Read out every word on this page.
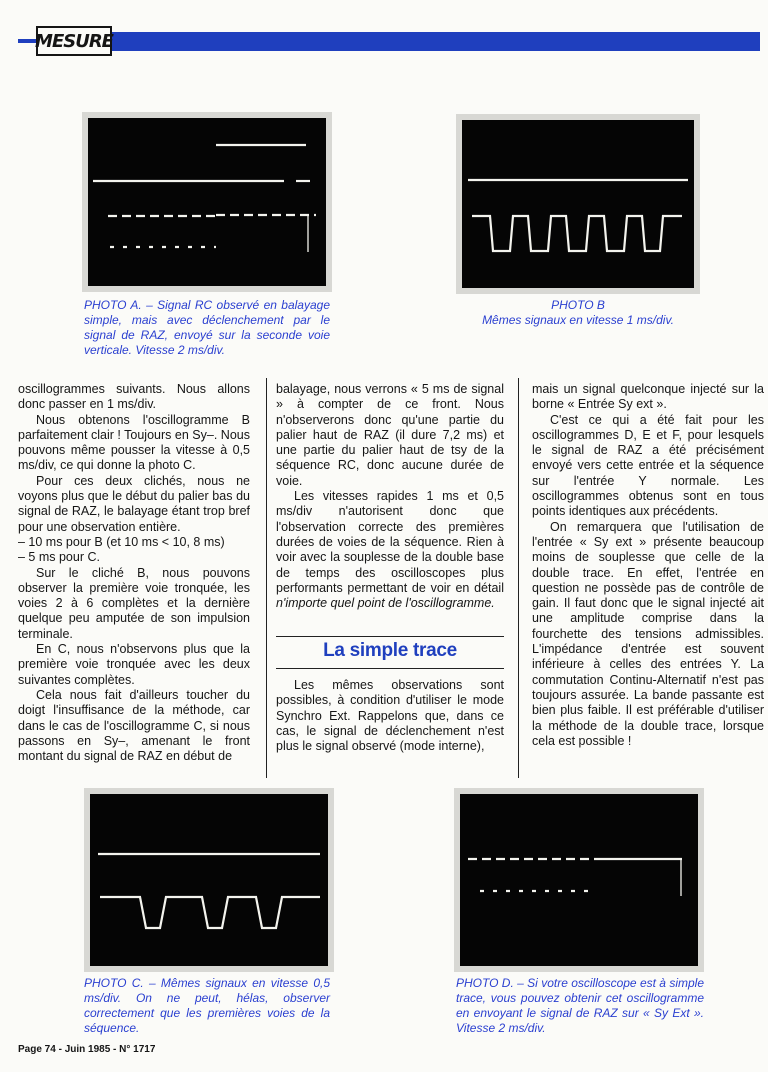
MESURE
PHOTO A. – Signal RC observé en balayage simple, mais avec déclenchement par le signal de RAZ, envoyé sur la seconde voie verticale. Vitesse 2 ms/div.
PHOTO B
Mêmes signaux en vitesse 1 ms/div.

oscillogrammes suivants. Nous allons donc passer en 1 ms/div.

Nous obtenons l'oscillogramme B parfaitement clair ! Toujours en Sy–. Nous pouvons même pousser la vitesse à 0,5 ms/div, ce qui donne la photo C.

Pour ces deux clichés, nous ne voyons plus que le début du palier bas du signal de RAZ, le balayage étant trop bref pour une observation entière.

– 10 ms pour B (et 10 ms < 10, 8 ms)

– 5 ms pour C.

Sur le cliché B, nous pouvons observer la première voie tronquée, les voies 2 à 6 complètes et la dernière quelque peu amputée de son impulsion terminale.

En C, nous n'observons plus que la première voie tronquée avec les deux suivantes complètes.

Cela nous fait d'ailleurs toucher du doigt l'insuffisance de la méthode, car dans le cas de l'oscillogramme C, si nous passons en Sy–, amenant le front montant du signal de RAZ en début de

balayage, nous verrons « 5 ms de signal » à compter de ce front. Nous n'observerons donc qu'une partie du palier haut de RAZ (il dure 7,2 ms) et une partie du palier haut de tsy de la séquence RC, donc aucune durée de voie.

Les vitesses rapides 1 ms et 0,5 ms/div n'autorisent donc que l'observation correcte des premières durées de voies de la séquence. Rien à voir avec la souplesse de la double base de temps des oscilloscopes plus performants permettant de voir en détail n'importe quel point de l'oscillogramme.

La simple trace

Les mêmes observations sont possibles, à condition d'utiliser le mode Synchro Ext. Rappelons que, dans ce cas, le signal de déclenchement n'est plus le signal observé (mode interne),

mais un signal quelconque injecté sur la borne « Entrée Sy ext ».

C'est ce qui a été fait pour les oscillogrammes D, E et F, pour lesquels le signal de RAZ a été précisément envoyé vers cette entrée et la séquence sur l'entrée Y normale. Les oscillogrammes obtenus sont en tous points identiques aux précédents.

On remarquera que l'utilisation de l'entrée « Sy ext » présente beaucoup moins de souplesse que celle de la double trace. En effet, l'entrée en question ne possède pas de contrôle de gain. Il faut donc que le signal injecté ait une amplitude comprise dans la fourchette des tensions admissibles. L'impédance d'entrée est souvent inférieure à celles des entrées Y. La commutation Continu-Alternatif n'est pas toujours assurée. La bande passante est bien plus faible. Il est préférable d'utiliser la méthode de la double trace, lorsque cela est possible !

PHOTO C. – Mêmes signaux en vitesse 0,5 ms/div. On ne peut, hélas, observer correctement que les premières voies de la séquence.
PHOTO D. – Si votre oscilloscope est à simple trace, vous pouvez obtenir cet oscillogramme en envoyant le signal de RAZ sur « Sy Ext ». Vitesse 2 ms/div.
Page 74 - Juin 1985 - N° 1717
